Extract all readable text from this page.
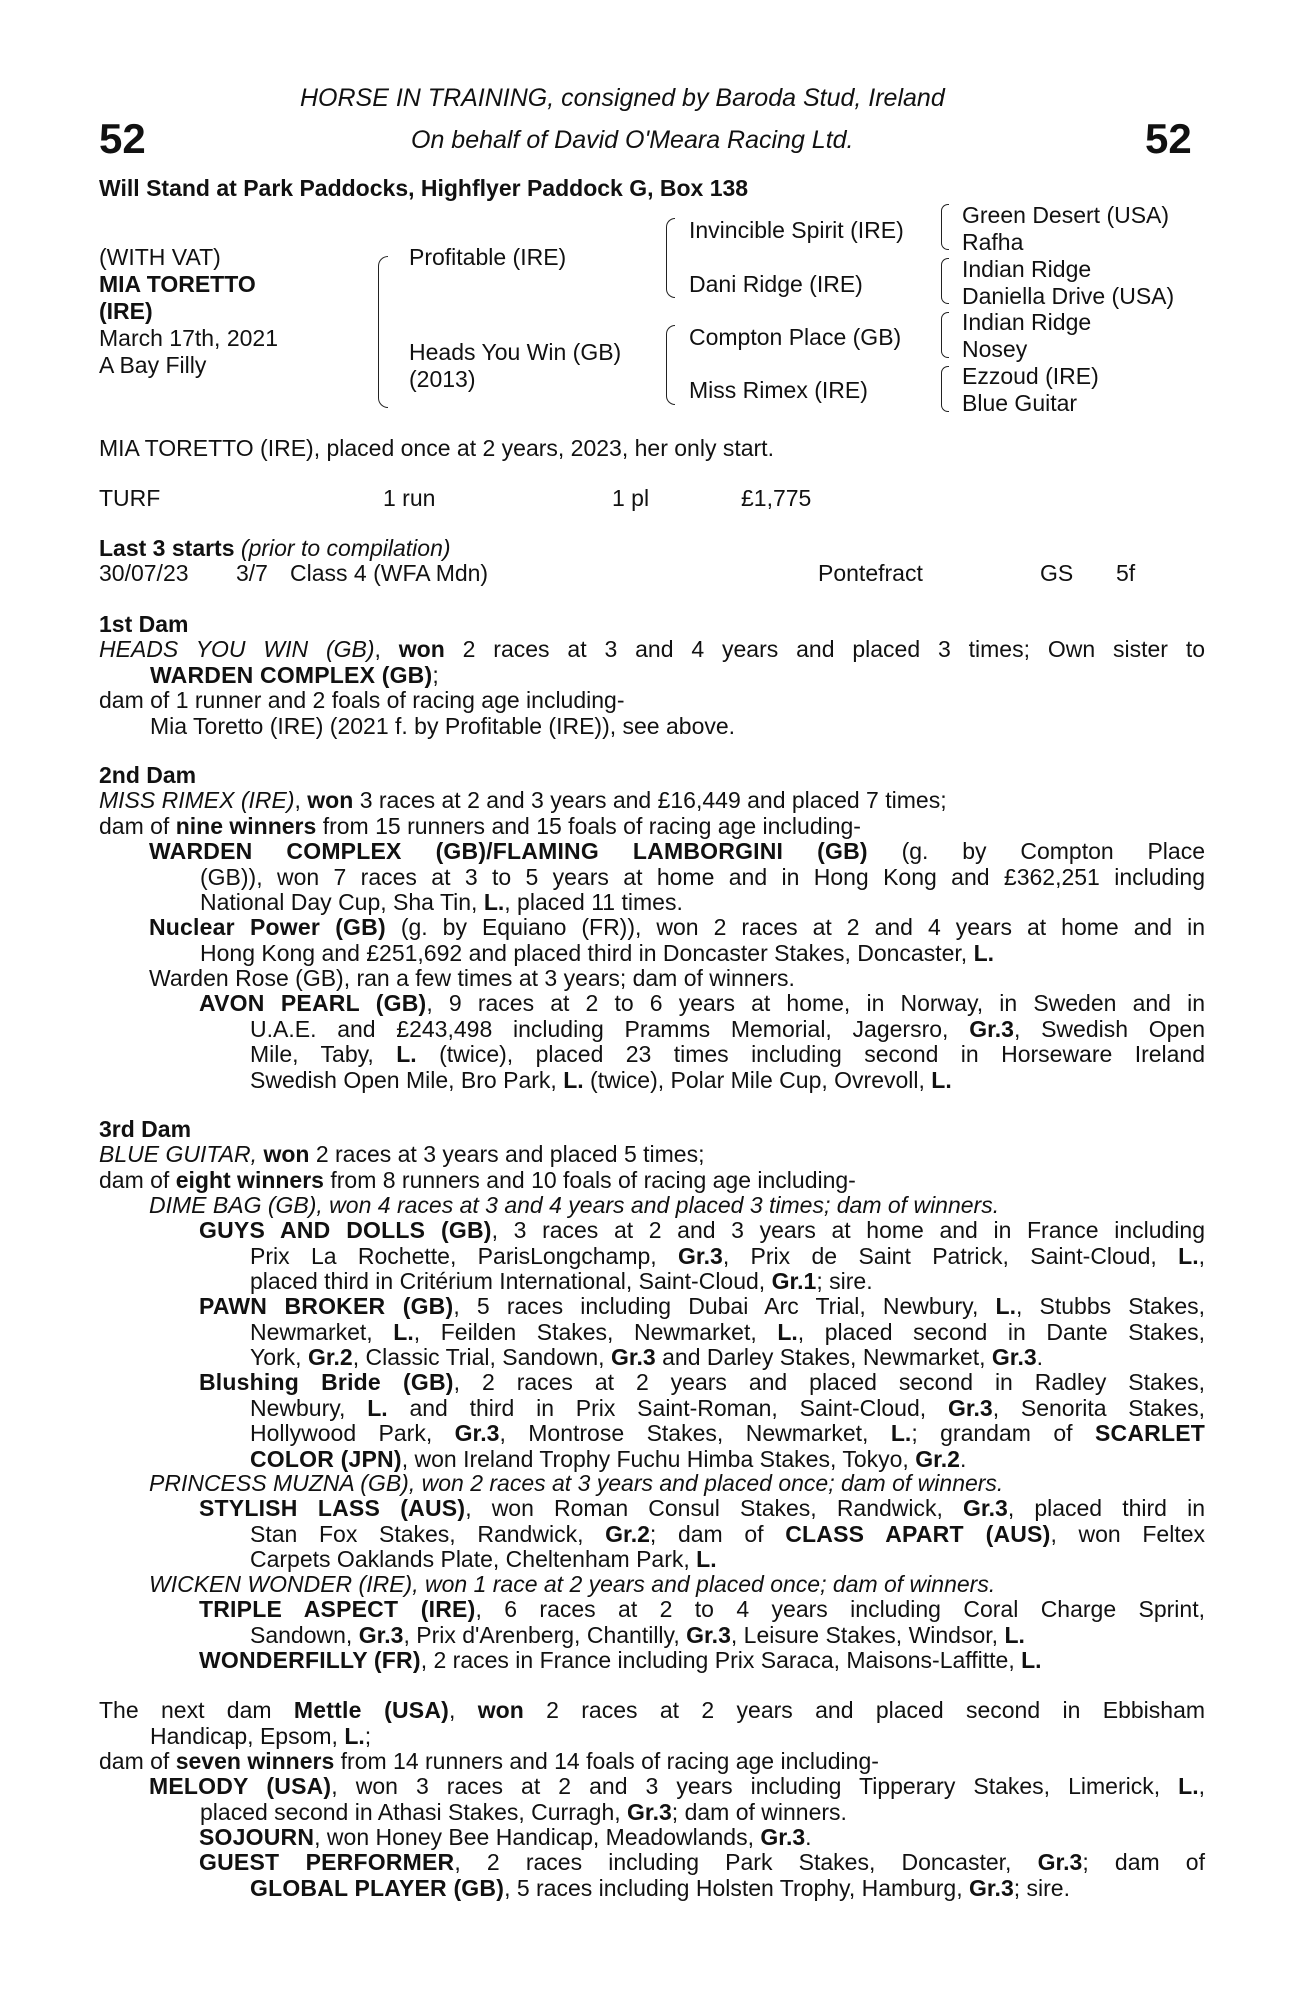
HORSE IN TRAINING, consigned by Baroda Stud, Ireland
On behalf of David O'Meara Racing Ltd.
52	52
Will Stand at Park Paddocks, Highflyer Paddock G, Box 138
(WITH VAT)
MIA TORETTO
(IRE)
March 17th, 2021
A Bay Filly
Profitable (IRE)
Heads You Win (GB)
(2013)
Invincible Spirit (IRE)
Dani Ridge (IRE)
Compton Place (GB)
Miss Rimex (IRE)
Green Desert (USA)
Rafha
Indian Ridge
Daniella Drive (USA)
Indian Ridge
Nosey
Ezzoud (IRE)
Blue Guitar
MIA TORETTO (IRE), placed once at 2 years, 2023, her only start.
TURF	1 run	1 pl	£1,775
Last 3 starts (prior to compilation)
30/07/23 3/7 Class 4 (WFA Mdn)	Pontefract	GS 5f
1st Dam
HEADS YOU WIN (GB), won 2 races at 3 and 4 years and placed 3 times; Own sister to
WARDEN COMPLEX (GB);
dam of 1 runner and 2 foals of racing age including-
Mia Toretto (IRE) (2021 f. by Profitable (IRE)), see above.
2nd Dam
MISS RIMEX (IRE), won 3 races at 2 and 3 years and £16,449 and placed 7 times;
dam of nine winners from 15 runners and 15 foals of racing age including-
WARDEN COMPLEX (GB)/FLAMING LAMBORGINI (GB) (g. by Compton Place
(GB)), won 7 races at 3 to 5 years at home and in Hong Kong and £362,251 including
National Day Cup, Sha Tin, L., placed 11 times.
Nuclear Power (GB) (g. by Equiano (FR)), won 2 races at 2 and 4 years at home and in
Hong Kong and £251,692 and placed third in Doncaster Stakes, Doncaster, L.
Warden Rose (GB), ran a few times at 3 years; dam of winners.
AVON PEARL (GB), 9 races at 2 to 6 years at home, in Norway, in Sweden and in
U.A.E. and £243,498 including Pramms Memorial, Jagersro, Gr.3, Swedish Open
Mile, Taby, L. (twice), placed 23 times including second in Horseware Ireland
Swedish Open Mile, Bro Park, L. (twice), Polar Mile Cup, Ovrevoll, L.
3rd Dam
BLUE GUITAR, won 2 races at 3 years and placed 5 times;
dam of eight winners from 8 runners and 10 foals of racing age including-
DIME BAG (GB), won 4 races at 3 and 4 years and placed 3 times; dam of winners.
GUYS AND DOLLS (GB), 3 races at 2 and 3 years at home and in France including
Prix La Rochette, ParisLongchamp, Gr.3, Prix de Saint Patrick, Saint-Cloud, L.,
placed third in Critérium International, Saint-Cloud, Gr.1; sire.
PAWN BROKER (GB), 5 races including Dubai Arc Trial, Newbury, L., Stubbs Stakes,
Newmarket, L., Feilden Stakes, Newmarket, L., placed second in Dante Stakes,
York, Gr.2, Classic Trial, Sandown, Gr.3 and Darley Stakes, Newmarket, Gr.3.
Blushing Bride (GB), 2 races at 2 years and placed second in Radley Stakes,
Newbury, L. and third in Prix Saint-Roman, Saint-Cloud, Gr.3, Senorita Stakes,
Hollywood Park, Gr.3, Montrose Stakes, Newmarket, L.; grandam of SCARLET
COLOR (JPN), won Ireland Trophy Fuchu Himba Stakes, Tokyo, Gr.2.
PRINCESS MUZNA (GB), won 2 races at 3 years and placed once; dam of winners.
STYLISH LASS (AUS), won Roman Consul Stakes, Randwick, Gr.3, placed third in
Stan Fox Stakes, Randwick, Gr.2; dam of CLASS APART (AUS), won Feltex
Carpets Oaklands Plate, Cheltenham Park, L.
WICKEN WONDER (IRE), won 1 race at 2 years and placed once; dam of winners.
TRIPLE ASPECT (IRE), 6 races at 2 to 4 years including Coral Charge Sprint,
Sandown, Gr.3, Prix d'Arenberg, Chantilly, Gr.3, Leisure Stakes, Windsor, L.
WONDERFILLY (FR), 2 races in France including Prix Saraca, Maisons-Laffitte, L.
The next dam Mettle (USA), won 2 races at 2 years and placed second in Ebbisham
Handicap, Epsom, L.;
dam of seven winners from 14 runners and 14 foals of racing age including-
MELODY (USA), won 3 races at 2 and 3 years including Tipperary Stakes, Limerick, L.,
placed second in Athasi Stakes, Curragh, Gr.3; dam of winners.
SOJOURN, won Honey Bee Handicap, Meadowlands, Gr.3.
GUEST PERFORMER, 2 races including Park Stakes, Doncaster, Gr.3; dam of
GLOBAL PLAYER (GB), 5 races including Holsten Trophy, Hamburg, Gr.3; sire.
